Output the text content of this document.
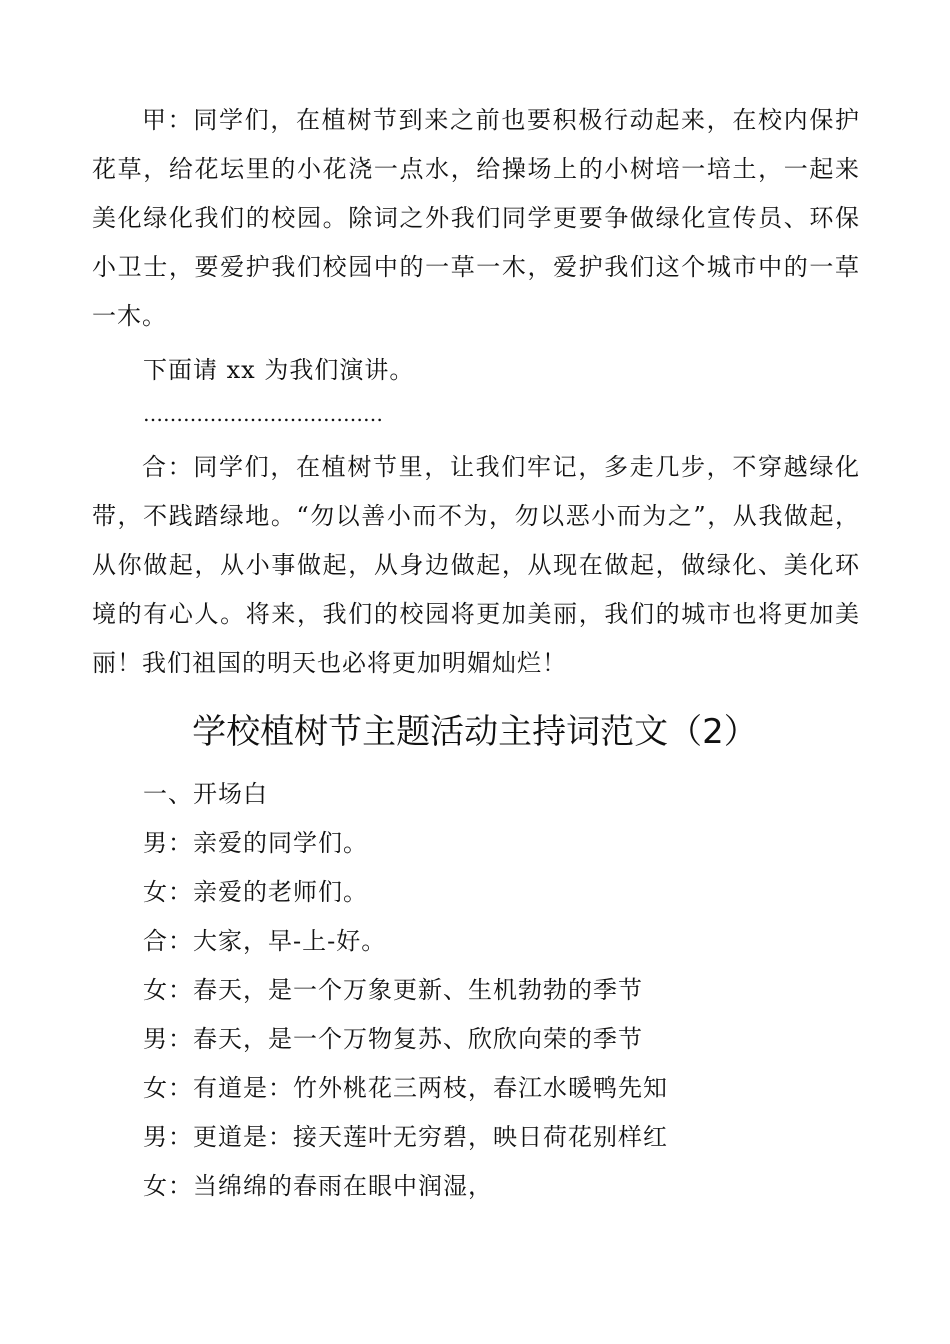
甲：同学们，在植树节到来之前也要积极行动起来，在校内保护花草，给花坛里的小花浇一点水，给操场上的小树培一培土，一起来美化绿化我们的校园。除词之外我们同学更要争做绿化宣传员、环保小卫士，要爱护我们校园中的一草一木，爱护我们这个城市中的一草一木。

下面请 xx 为我们演讲。

………………………………

合：同学们，在植树节里，让我们牢记，多走几步，不穿越绿化带，不践踏绿地。“勿以善小而不为，勿以恶小而为之”，从我做起，从你做起，从小事做起，从身边做起，从现在做起，做绿化、美化环境的有心人。将来，我们的校园将更加美丽，我们的城市也将更加美丽！我们祖国的明天也必将更加明媚灿烂！

学校植树节主题活动主持词范文（2）

一、开场白

男：亲爱的同学们。

女：亲爱的老师们。

合：大家，早-上-好。

女：春天，是一个万象更新、生机勃勃的季节

男：春天，是一个万物复苏、欣欣向荣的季节

女：有道是：竹外桃花三两枝，春江水暖鸭先知

男：更道是：接天莲叶无穷碧，映日荷花别样红

女：当绵绵的春雨在眼中润湿，
